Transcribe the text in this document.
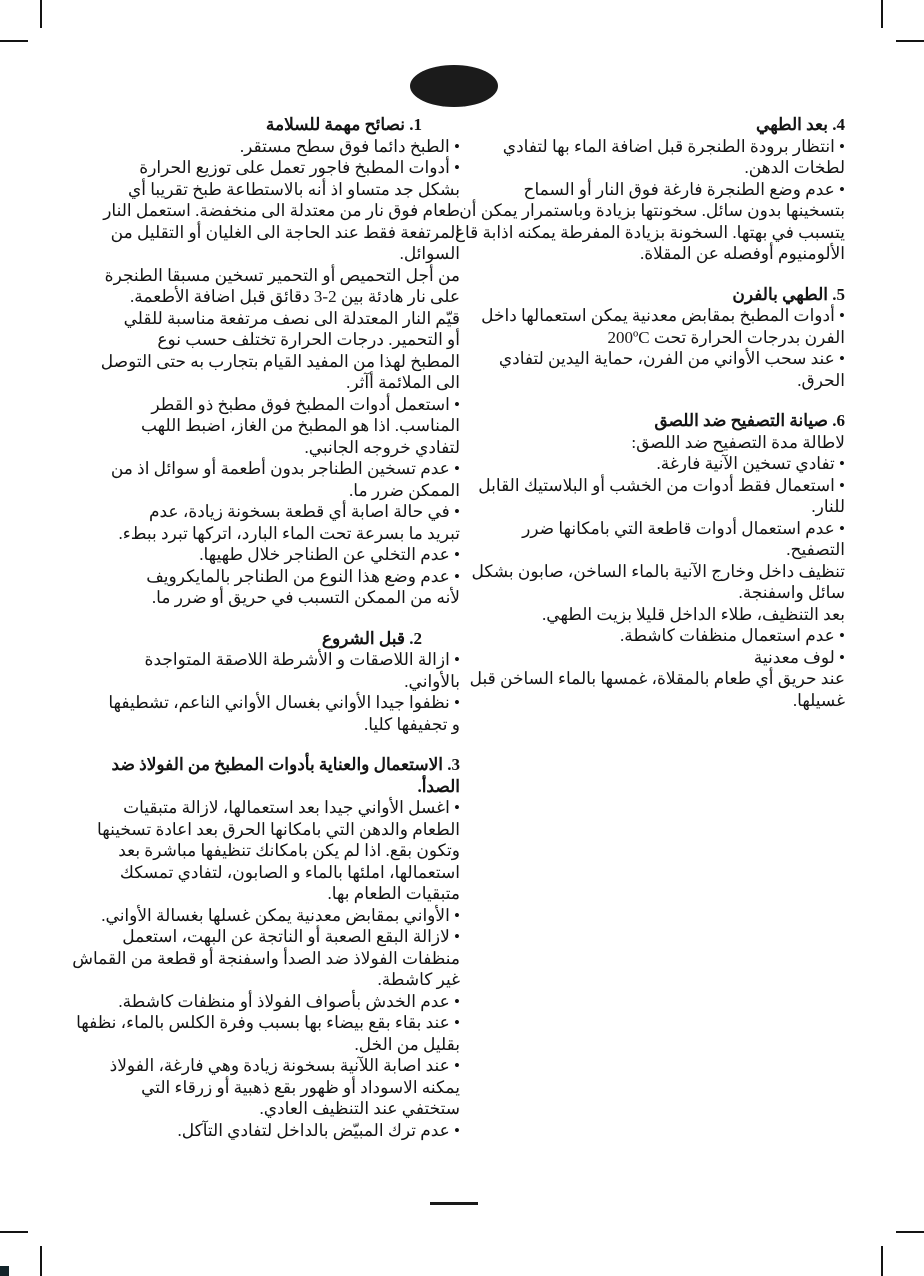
1. نصائح مهمة للسلامة
• الطبخ دائما فوق سطح مستقر.
• أدوات المطبخ فاجور تعمل على توزيع الحرارة
بشكل جد متساو اذ أنه بالاستطاعة طبخ تقريبا أي
طعام فوق نار من معتدلة الى منخفضة. استعمل النار
المرتفعة فقط عند الحاجة الى الغليان أو التقليل من
السوائل.
من أجل التحميص أو التحمير تسخين مسبقا الطنجرة
على نار هادئة بين 2-3 دقائق قبل اضافة الأطعمة.
قيّم النار المعتدلة الى نصف مرتفعة مناسبة للقلي
أو التحمير. درجات الحرارة تختلف حسب نوع
المطبخ لهذا من المفيد القيام بتجارب به حتى التوصل
الى الملائمة أآثر.
• استعمل أدوات المطبخ فوق مطبخ ذو القطر
المناسب. اذا هو المطبخ من الغاز، اضبط اللهب
لتفادي خروجه الجانبي.
• عدم تسخين الطناجر بدون أطعمة أو سوائل اذ من
الممكن ضرر ما.
• في حالة اصابة أي قطعة بسخونة زيادة، عدم
تبريد ما بسرعة تحت الماء البارد، اتركها تبرد ببطء.
• عدم التخلي عن الطناجر خلال طهيها.
• عدم وضع هذا النوع من الطناجر بالمايكرويف
لأنه من الممكن التسبب في حريق أو ضرر ما.
2. قبل الشروع
• ازالة اللاصقات و الأشرطة اللاصقة المتواجدة
بالأواني.
• نظفوا جيدا الأواني بغسال الأواني الناعم، تشطيفها
و تجفيفها كليا.
3. الاستعمال والعناية بأدوات المطبخ من الفولاذ ضد
الصدأ.
• اغسل الأواني جيدا بعد استعمالها، لازالة متبقيات
الطعام والدهن التي بامكانها الحرق بعد اعادة تسخينها
وتكون بقع. اذا لم يكن بامكانك تنظيفها مباشرة بعد
استعمالها، املئها بالماء و الصابون، لتفادي تمسكك
متبقيات الطعام بها.
• الأواني بمقابض معدنية يمكن غسلها بغسالة الأواني.
• لازالة البقع الصعبة أو الناتجة عن البهت، استعمل
منظفات الفولاذ ضد الصدأ واسفنجة أو قطعة من القماش
غير كاشطة.
• عدم الخدش بأصواف الفولاذ أو منظفات كاشطة.
• عند بقاء بقع بيضاء بها بسبب وفرة الكلس بالماء، نظفها
بقليل من الخل.
• عند اصابة اللآنية بسخونة زيادة وهي فارغة، الفولاذ
يمكنه الاسوداد أو ظهور بقع ذهبية أو زرقاء التي
ستختفي عند التنظيف العادي.
• عدم ترك المبيّض بالداخل لتفادي التآكل.
4. بعد الطهي
• انتظار برودة الطنجرة قبل اضافة الماء بها لتفادي
لطخات الدهن.
• عدم وضع الطنجرة فارغة فوق النار أو السماح
بتسخينها بدون سائل. سخونتها بزيادة وباستمرار يمكن أن
يتسبب في بهتها. السخونة بزيادة المفرطة يمكنه اذابة قاع
الألومنيوم أوفصله عن المقلاة.
5. الطهي بالفرن
• أدوات المطبخ بمقابض معدنية يمكن استعمالها داخل
الفرن بدرجات الحرارة تحت 200ºC
• عند سحب الأواني من الفرن، حماية اليدين لتفادي
الحرق.
6. صيانة التصفيح ضد اللصق
لاطالة مدة التصفيح ضد اللصق:
• تفادي تسخين الآنية فارغة.
• استعمال فقط أدوات من الخشب أو البلاستيك القابل
للنار.
• عدم استعمال أدوات قاطعة التي بامكانها ضرر
التصفيح.
تنظيف داخل وخارج الآنية بالماء الساخن، صابون بشكل
سائل واسفنجة.
بعد التنظيف، طلاء الداخل قليلا بزيت الطهي.
• عدم استعمال منظفات كاشطة.
• لوف معدنية
عند حريق أي طعام بالمقلاة، غمسها بالماء الساخن قبل
غسيلها.
